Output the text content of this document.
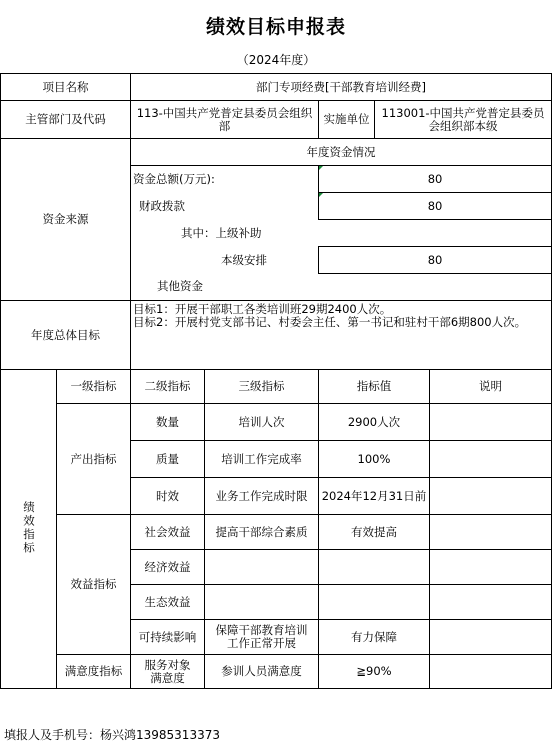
绩效目标申报表
（2024年度）
项目名称		部门专项经费[干部教育培训经费]				
主管部门及代码		113-中国共产党普定县委员会组织部		实施单位	113001-中国共产党普定县委员会组织部本级	
资金来源		年度资金情况				
		资金总额(万元):		80		
		财政拨款		80		
		其中：上级补助				
		本级安排		80		
		其他资金				
年度总体目标		目标1：开展干部职工各类培训班29期2400人次。
目标2：开展村党支部书记、村委会主任、第一书记和驻村干部6期800人次。				

绩效指标	一级指标	二级指标	三级指标	指标值		说明
	产出指标	数量	培训人次	2900人次		
		质量	培训工作完成率	100%		
		时效	业务工作完成时限	2024年12月31日前		
	效益指标	社会效益	提高干部综合素质	有效提高		
		经济效益				
		生态效益				
		可持续影响	保障干部教育培训工作正常开展	有力保障		
	满意度指标	服务对象满意度	参训人员满意度	≧90%		
填报人及手机号：杨兴鸿13985313373
